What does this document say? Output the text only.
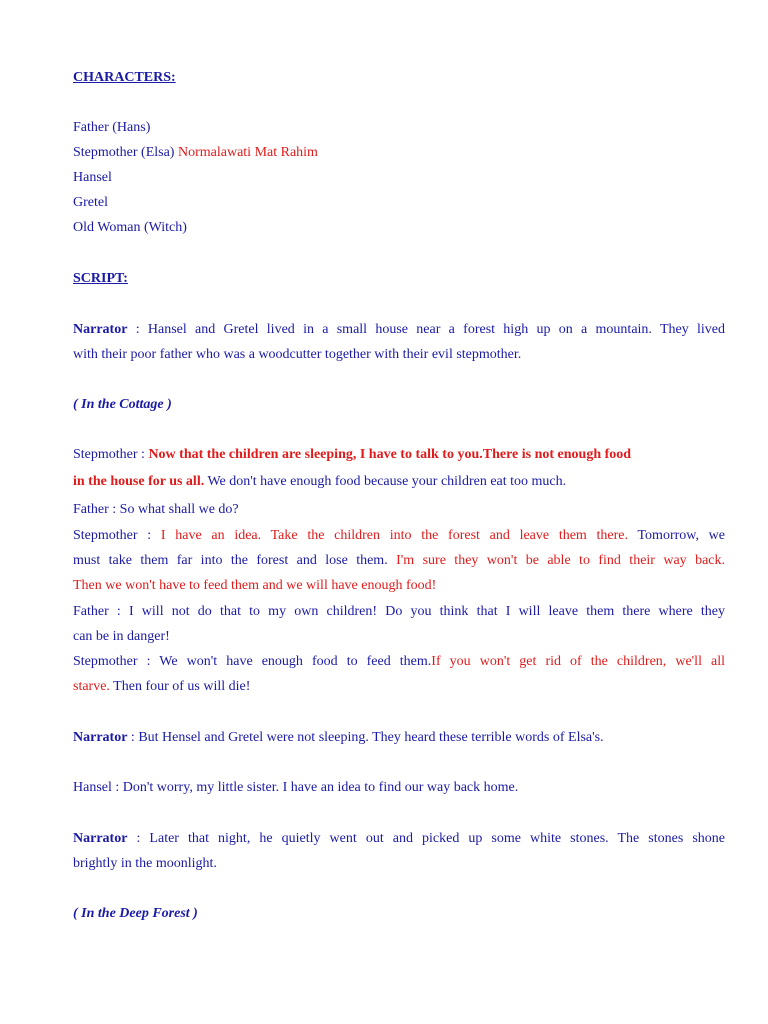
CHARACTERS:
Father (Hans)
Stepmother (Elsa) Normalawati Mat Rahim
Hansel
Gretel
Old Woman (Witch)
SCRIPT:
Narrator : Hansel and Gretel lived in a small house near a forest high up on a mountain. They lived
with their poor father who was a woodcutter together with their evil stepmother.
( In the Cottage )
Stepmother : Now that the children are sleeping, I have to talk to you.There is not enough food
in the house for us all. We don't have enough food because your children eat too much.
Father : So what shall we do?
Stepmother : I have an idea. Take the children into the forest and leave them there. Tomorrow, we
must take them far into the forest and lose them. I'm sure they won't be able to find their way back.
Then we won't have to feed them and we will have enough food!
Father : I will not do that to my own children! Do you think that I will leave them there where they
can be in danger!
Stepmother : We won't have enough food to feed them.If you won't get rid of the children, we'll all
starve. Then four of us will die!
Narrator : But Hensel and Gretel were not sleeping. They heard these terrible words of Elsa's.
Hansel : Don't worry, my little sister. I have an idea to find our way back home.
Narrator : Later that night, he quietly went out and picked up some white stones. The stones shone
brightly in the moonlight.
( In the Deep Forest )
